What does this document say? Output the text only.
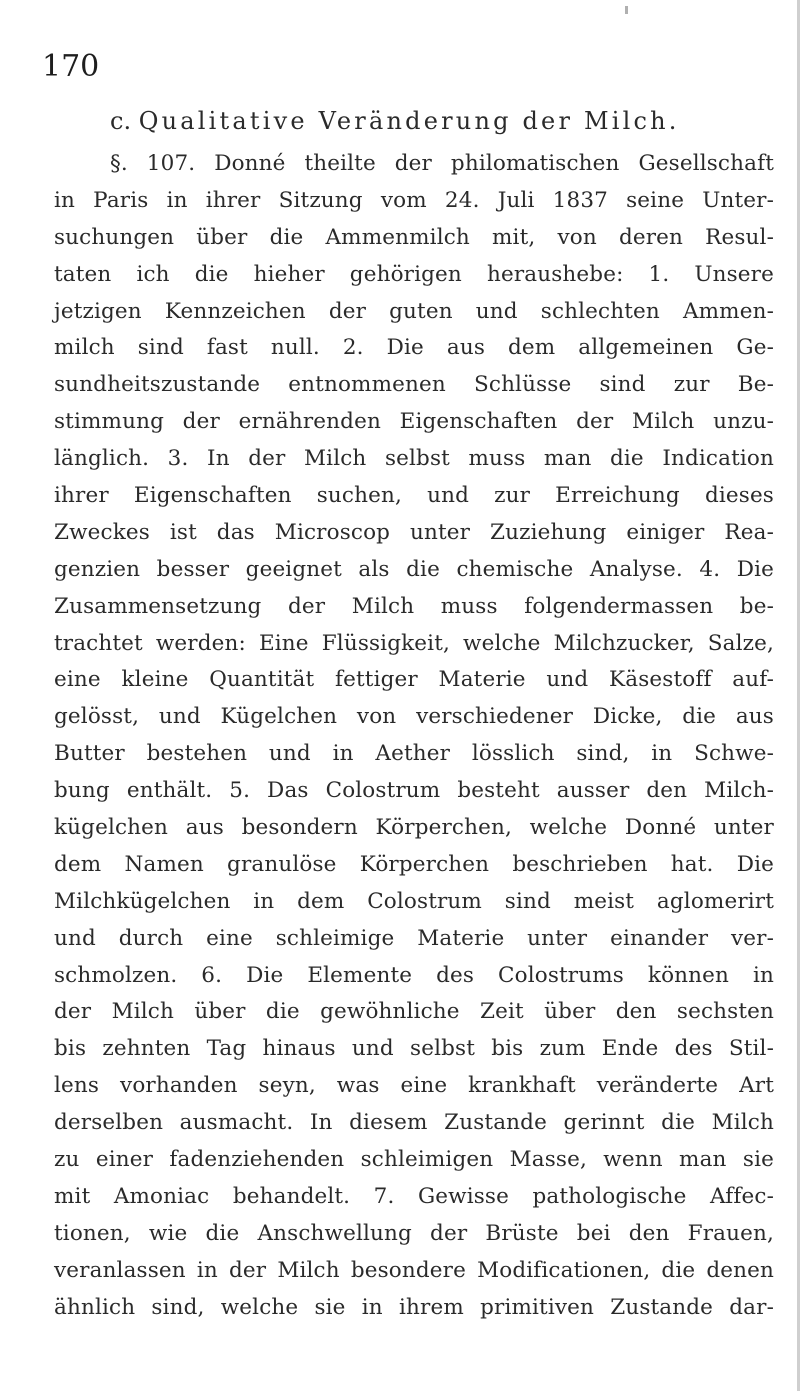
170
c. Qualitative Veränderung der Milch.
§. 107. Donné theilte der philomatischen Gesellschaft
in Paris in ihrer Sitzung vom 24. Juli 1837 seine Unter-
suchungen über die Ammenmilch mit, von deren Resul-
taten ich die hieher gehörigen heraushebe: 1. Unsere
jetzigen Kennzeichen der guten und schlechten Ammen-
milch sind fast null. 2. Die aus dem allgemeinen Ge-
sundheitszustande entnommenen Schlüsse sind zur Be-
stimmung der ernährenden Eigenschaften der Milch unzu-
länglich. 3. In der Milch selbst muss man die Indication
ihrer Eigenschaften suchen, und zur Erreichung dieses
Zweckes ist das Microscop unter Zuziehung einiger Rea-
genzien besser geeignet als die chemische Analyse. 4. Die
Zusammensetzung der Milch muss folgendermassen be-
trachtet werden: Eine Flüssigkeit, welche Milchzucker, Salze,
eine kleine Quantität fettiger Materie und Käsestoff auf-
gelösst, und Kügelchen von verschiedener Dicke, die aus
Butter bestehen und in Aether lösslich sind, in Schwe-
bung enthält. 5. Das Colostrum besteht ausser den Milch-
kügelchen aus besondern Körperchen, welche Donné unter
dem Namen granulöse Körperchen beschrieben hat. Die
Milchkügelchen in dem Colostrum sind meist aglomerirt
und durch eine schleimige Materie unter einander ver-
schmolzen. 6. Die Elemente des Colostrums können in
der Milch über die gewöhnliche Zeit über den sechsten
bis zehnten Tag hinaus und selbst bis zum Ende des Stil-
lens vorhanden seyn, was eine krankhaft veränderte Art
derselben ausmacht. In diesem Zustande gerinnt die Milch
zu einer fadenziehenden schleimigen Masse, wenn man sie
mit Amoniac behandelt. 7. Gewisse pathologische Affec-
tionen, wie die Anschwellung der Brüste bei den Frauen,
veranlassen in der Milch besondere Modificationen, die denen
ähnlich sind, welche sie in ihrem primitiven Zustande dar-
